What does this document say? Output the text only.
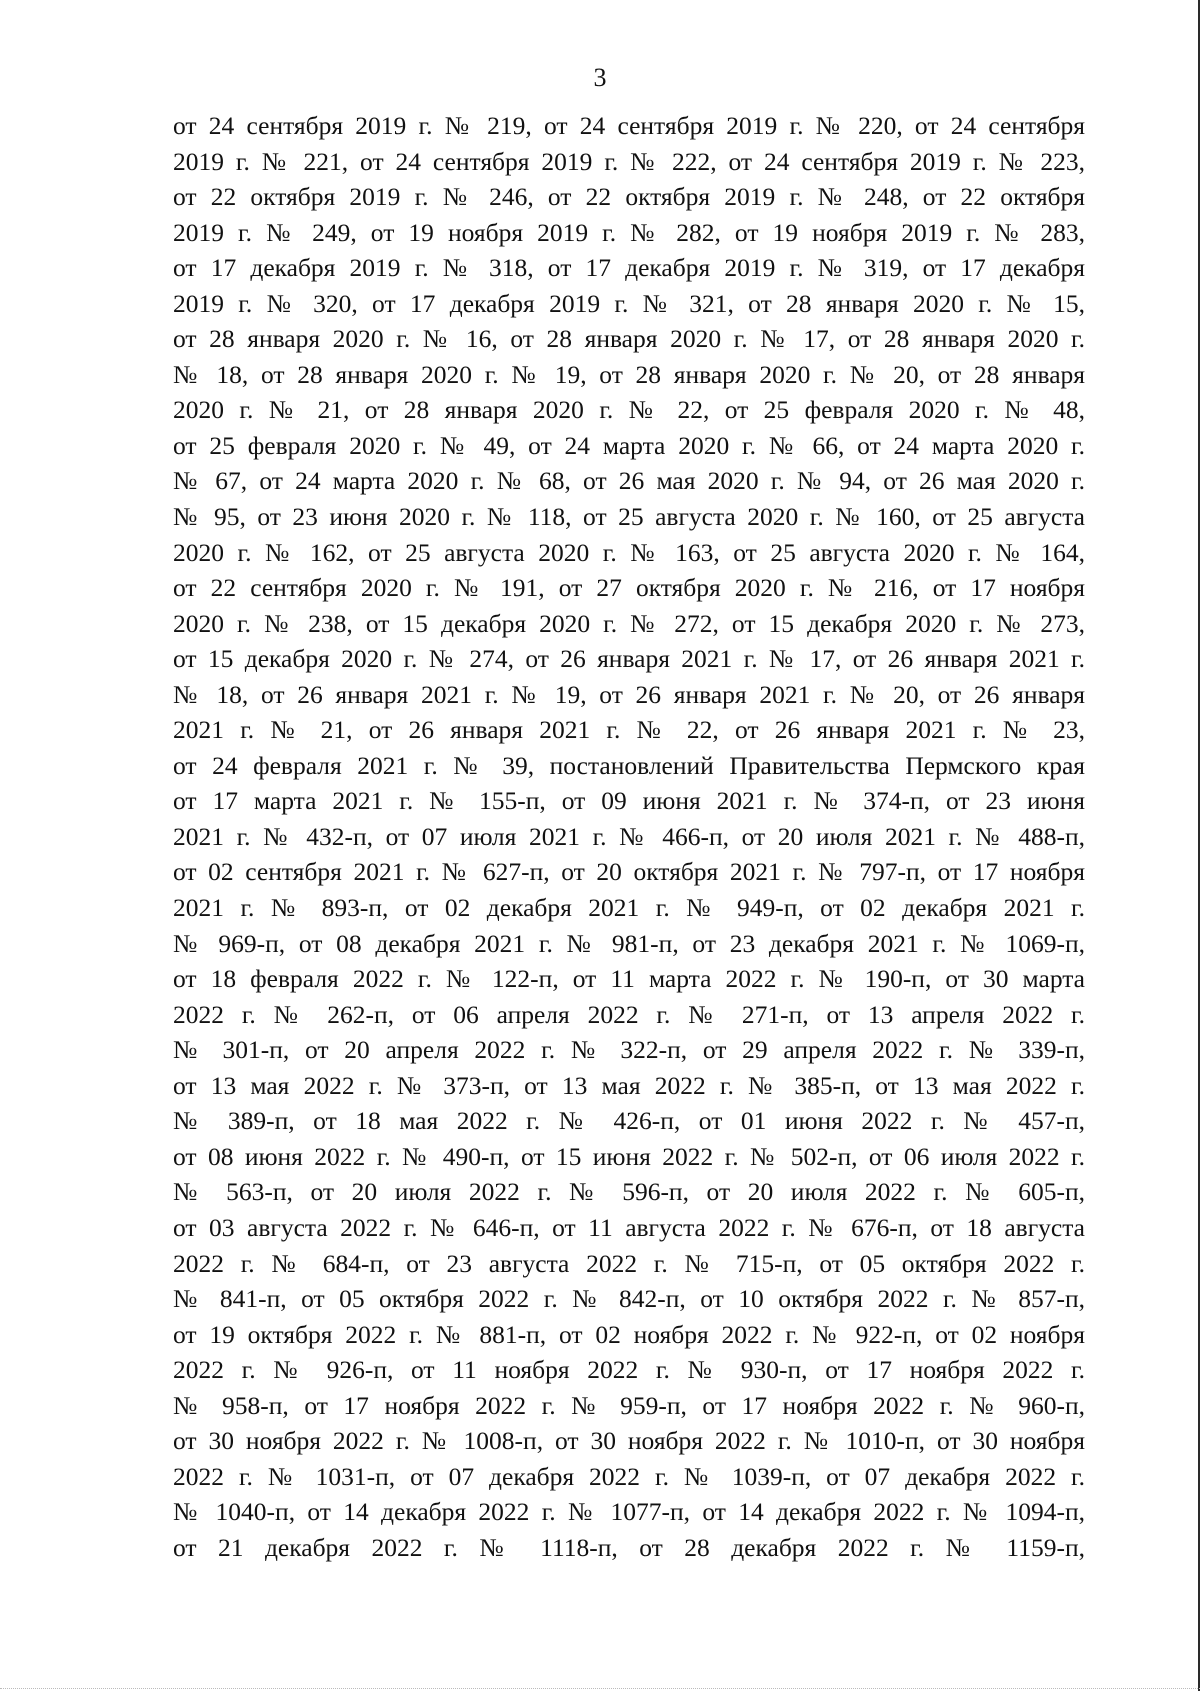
3
от 24 сентября 2019 г. № 219, от 24 сентября 2019 г. № 220, от 24 сентября
2019 г. № 221, от 24 сентября 2019 г. № 222, от 24 сентября 2019 г. № 223,
от 22 октября 2019 г. № 246, от 22 октября 2019 г. № 248, от 22 октября
2019 г. № 249, от 19 ноября 2019 г. № 282, от 19 ноября 2019 г. № 283,
от 17 декабря 2019 г. № 318, от 17 декабря 2019 г. № 319, от 17 декабря
2019 г. № 320, от 17 декабря 2019 г. № 321, от 28 января 2020 г. № 15,
от 28 января 2020 г. № 16, от 28 января 2020 г. № 17, от 28 января 2020 г.
№ 18, от 28 января 2020 г. № 19, от 28 января 2020 г. № 20, от 28 января
2020 г. № 21, от 28 января 2020 г. № 22, от 25 февраля 2020 г. № 48,
от 25 февраля 2020 г. № 49, от 24 марта 2020 г. № 66, от 24 марта 2020 г.
№ 67, от 24 марта 2020 г. № 68, от 26 мая 2020 г. № 94, от 26 мая 2020 г.
№ 95, от 23 июня 2020 г. № 118, от 25 августа 2020 г. № 160, от 25 августа
2020 г. № 162, от 25 августа 2020 г. № 163, от 25 августа 2020 г. № 164,
от 22 сентября 2020 г. № 191, от 27 октября 2020 г. № 216, от 17 ноября
2020 г. № 238, от 15 декабря 2020 г. № 272, от 15 декабря 2020 г. № 273,
от 15 декабря 2020 г. № 274, от 26 января 2021 г. № 17, от 26 января 2021 г.
№ 18, от 26 января 2021 г. № 19, от 26 января 2021 г. № 20, от 26 января
2021 г. № 21, от 26 января 2021 г. № 22, от 26 января 2021 г. № 23,
от 24 февраля 2021 г. № 39, постановлений Правительства Пермского края
от 17 марта 2021 г. № 155-п, от 09 июня 2021 г. № 374-п, от 23 июня
2021 г. № 432-п, от 07 июля 2021 г. № 466-п, от 20 июля 2021 г. № 488-п,
от 02 сентября 2021 г. № 627-п, от 20 октября 2021 г. № 797-п, от 17 ноября
2021 г. № 893-п, от 02 декабря 2021 г. № 949-п, от 02 декабря 2021 г.
№ 969-п, от 08 декабря 2021 г. № 981-п, от 23 декабря 2021 г. № 1069-п,
от 18 февраля 2022 г. № 122-п, от 11 марта 2022 г. № 190-п, от 30 марта
2022 г. № 262-п, от 06 апреля 2022 г. № 271-п, от 13 апреля 2022 г.
№ 301-п, от 20 апреля 2022 г. № 322-п, от 29 апреля 2022 г. № 339-п,
от 13 мая 2022 г. № 373-п, от 13 мая 2022 г. № 385-п, от 13 мая 2022 г.
№ 389-п, от 18 мая 2022 г. № 426-п, от 01 июня 2022 г. № 457-п,
от 08 июня 2022 г. № 490-п, от 15 июня 2022 г. № 502-п, от 06 июля 2022 г.
№ 563-п, от 20 июля 2022 г. № 596-п, от 20 июля 2022 г. № 605-п,
от 03 августа 2022 г. № 646-п, от 11 августа 2022 г. № 676-п, от 18 августа
2022 г. № 684-п, от 23 августа 2022 г. № 715-п, от 05 октября 2022 г.
№ 841-п, от 05 октября 2022 г. № 842-п, от 10 октября 2022 г. № 857-п,
от 19 октября 2022 г. № 881-п, от 02 ноября 2022 г. № 922-п, от 02 ноября
2022 г. № 926-п, от 11 ноября 2022 г. № 930-п, от 17 ноября 2022 г.
№ 958-п, от 17 ноября 2022 г. № 959-п, от 17 ноября 2022 г. № 960-п,
от 30 ноября 2022 г. № 1008-п, от 30 ноября 2022 г. № 1010-п, от 30 ноября
2022 г. № 1031-п, от 07 декабря 2022 г. № 1039-п, от 07 декабря 2022 г.
№ 1040-п, от 14 декабря 2022 г. № 1077-п, от 14 декабря 2022 г. № 1094-п,
от 21 декабря 2022 г. № 1118-п, от 28 декабря 2022 г. № 1159-п,
